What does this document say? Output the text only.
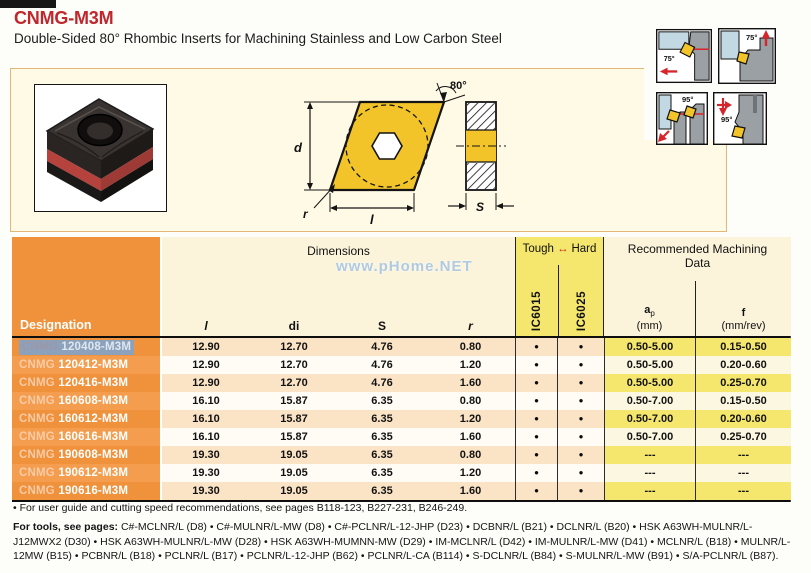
CNMG-M3M
Double-Sided 80° Rhombic Inserts for Machining Stainless and Low Carbon Steel
d
80°
l
r	S
75°
75°
95°
95°
www.pHome.NET
Designation
Dimensions
l	di	S	r
Tough ↔ Hard
IC6015	IC6025
Recommended Machining Data
$a_p$
(mm)
f
(mm/rev)
CNMG 120408-M3M	12.90	12.70	4.76	0.80	●	●	0.50-5.00	0.15-0.50
CNMG 120412-M3M	12.90	12.70	4.76	1.20	●	●	0.50-5.00	0.20-0.60
CNMG 120416-M3M	12.90	12.70	4.76	1.60	●	●	0.50-5.00	0.25-0.70
CNMG 160608-M3M	16.10	15.87	6.35	0.80	●	●	0.50-7.00	0.15-0.50
CNMG 160612-M3M	16.10	15.87	6.35	1.20	●	●	0.50-7.00	0.20-0.60
CNMG 160616-M3M	16.10	15.87	6.35	1.60	●	●	0.50-7.00	0.25-0.70
CNMG 190608-M3M	19.30	19.05	6.35	0.80	●	●	---	---
CNMG 190612-M3M	19.30	19.05	6.35	1.20	●	●	---	---
CNMG 190616-M3M	19.30	19.05	6.35	1.60	●	●	---	---
• For user guide and cutting speed recommendations, see pages B118-123, B227-231, B246-249.
For tools, see pages: C#-MCLNR/L (D8) • C#-MULNR/L-MW (D8) • C#-PCLNR/L-12-JHP (D23) • DCBNR/L (B21) • DCLNR/L (B20) • HSK A63WH-MULNR/L-J12MWX2 (D30) • HSK A63WH-MULNR/L-MW (D28) • HSK A63WH-MUMNN-MW (D29) • IM-MCLNR/L (D42) • IM-MULNR/L-MW (D41) • MCLNR/L (B18) • MULNR/L-12MW (B15) • PCBNR/L (B18) • PCLNR/L (B17) • PCLNR/L-12-JHP (B62) • PCLNR/L-CA (B114) • S-DCLNR/L (B84) • S-MULNR/L-MW (B91) • S/A-PCLNR/L (B87).
